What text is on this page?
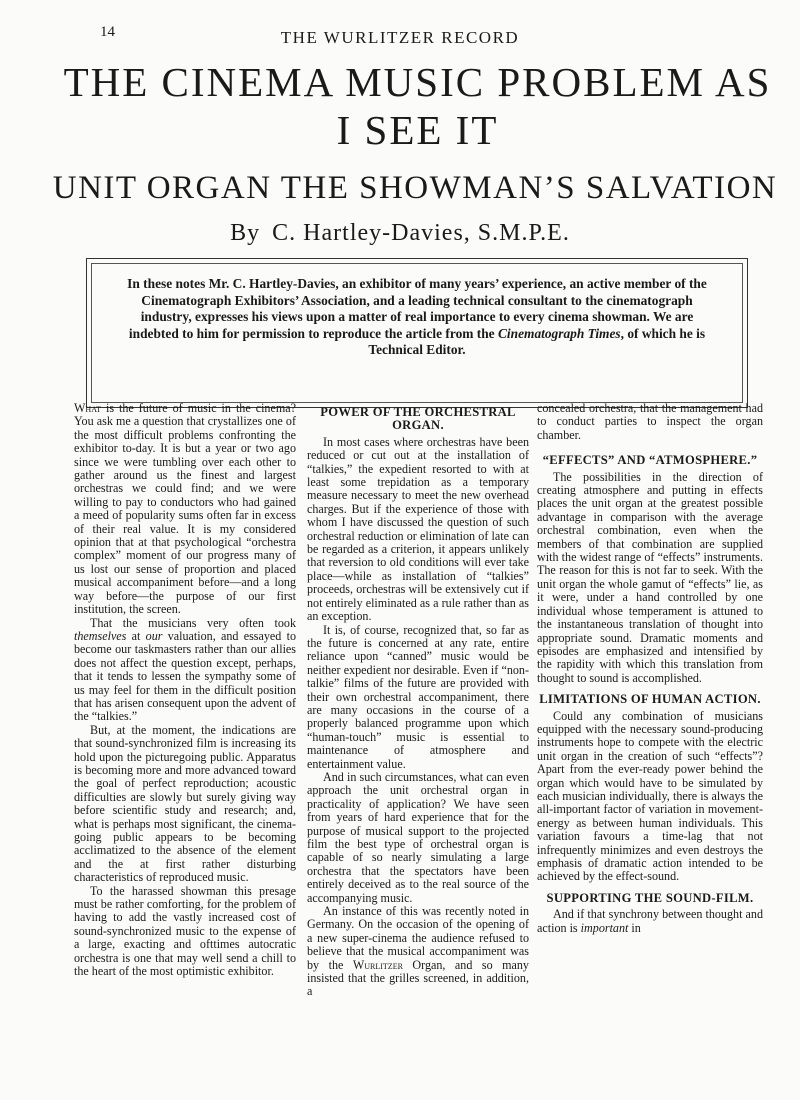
14	THE WURLITZER RECORD
THE CINEMA MUSIC PROBLEM AS I SEE IT
UNIT ORGAN THE SHOWMAN’S SALVATION
By C. Hartley-Davies, S.M.P.E.

In these notes Mr. C. Hartley-Davies, an exhibitor of many years’ experience, an active member of the Cinematograph Exhibitors’ Association, and a leading technical consultant to the cinematograph industry, expresses his views upon a matter of real importance to every cinema showman. We are indebted to him for permission to reproduce the article from the Cinematograph Times, of which he is Technical Editor.

What is the future of music in the cinema? You ask me a question that crystallizes one of the most difficult problems confronting the exhibitor to-day. It is but a year or two ago since we were tumbling over each other to gather around us the finest and largest orchestras we could find; and we were willing to pay to conductors who had gained a meed of popularity sums often far in excess of their real value. It is my considered opinion that at that psychological “orchestra complex” moment of our progress many of us lost our sense of proportion and placed musical accompaniment before—and a long way before—the purpose of our first institution, the screen.

That the musicians very often took themselves at our valuation, and essayed to become our taskmasters rather than our allies does not affect the question except, perhaps, that it tends to lessen the sympathy some of us may feel for them in the difficult position that has arisen consequent upon the advent of the “talkies.”

But, at the moment, the indications are that sound-synchronized film is increasing its hold upon the picturegoing public. Apparatus is becoming more and more advanced toward the goal of perfect reproduction; acoustic difficulties are slowly but surely giving way before scientific study and research; and, what is perhaps most significant, the cinema-going public appears to be becoming acclimatized to the absence of the element and the at first rather disturbing characteristics of reproduced music.

To the harassed showman this presage must be rather comforting, for the problem of having to add the vastly increased cost of sound-synchronized music to the expense of a large, exacting and ofttimes autocratic orchestra is one that may well send a chill to the heart of the most optimistic exhibitor.

POWER OF THE ORCHESTRAL ORGAN.

In most cases where orchestras have been reduced or cut out at the installation of “talkies,” the expedient resorted to with at least some trepidation as a temporary measure necessary to meet the new overhead charges. But if the experience of those with whom I have discussed the question of such orchestral reduction or elimination of late can be regarded as a criterion, it appears unlikely that reversion to old conditions will ever take place—while as installation of “talkies” proceeds, orchestras will be extensively cut if not entirely eliminated as a rule rather than as an exception.

It is, of course, recognized that, so far as the future is concerned at any rate, entire reliance upon “canned” music would be neither expedient nor desirable. Even if “non-talkie” films of the future are provided with their own orchestral accompaniment, there are many occasions in the course of a properly balanced programme upon which “human-touch” music is essential to maintenance of atmosphere and entertainment value.

And in such circumstances, what can even approach the unit orchestral organ in practicality of application? We have seen from years of hard experience that for the purpose of musical support to the projected film the best type of orchestral organ is capable of so nearly simulating a large orchestra that the spectators have been entirely deceived as to the real source of the accompanying music.

An instance of this was recently noted in Germany. On the occasion of the opening of a new super-cinema the audience refused to believe that the musical accompaniment was by the Wurlitzer Organ, and so many insisted that the grilles screened, in addition, a

concealed orchestra, that the management had to conduct parties to inspect the organ chamber.

“EFFECTS” AND “ATMOSPHERE.”

The possibilities in the direction of creating atmosphere and putting in effects places the unit organ at the greatest possible advantage in comparison with the average orchestral combination, even when the members of that combination are supplied with the widest range of “effects” instruments. The reason for this is not far to seek. With the unit organ the whole gamut of “effects” lie, as it were, under a hand controlled by one individual whose temperament is attuned to the instantaneous translation of thought into appropriate sound. Dramatic moments and episodes are emphasized and intensified by the rapidity with which this translation from thought to sound is accomplished.

LIMITATIONS OF HUMAN ACTION.

Could any combination of musicians equipped with the necessary sound-producing instruments hope to compete with the electric unit organ in the creation of such “effects”? Apart from the ever-ready power behind the organ which would have to be simulated by each musician individually, there is always the all-important factor of variation in movement-energy as between human individuals. This variation favours a time-lag that not infrequently minimizes and even destroys the emphasis of dramatic action intended to be achieved by the effect-sound.

SUPPORTING THE SOUND-FILM.

And if that synchrony between thought and action is important in
